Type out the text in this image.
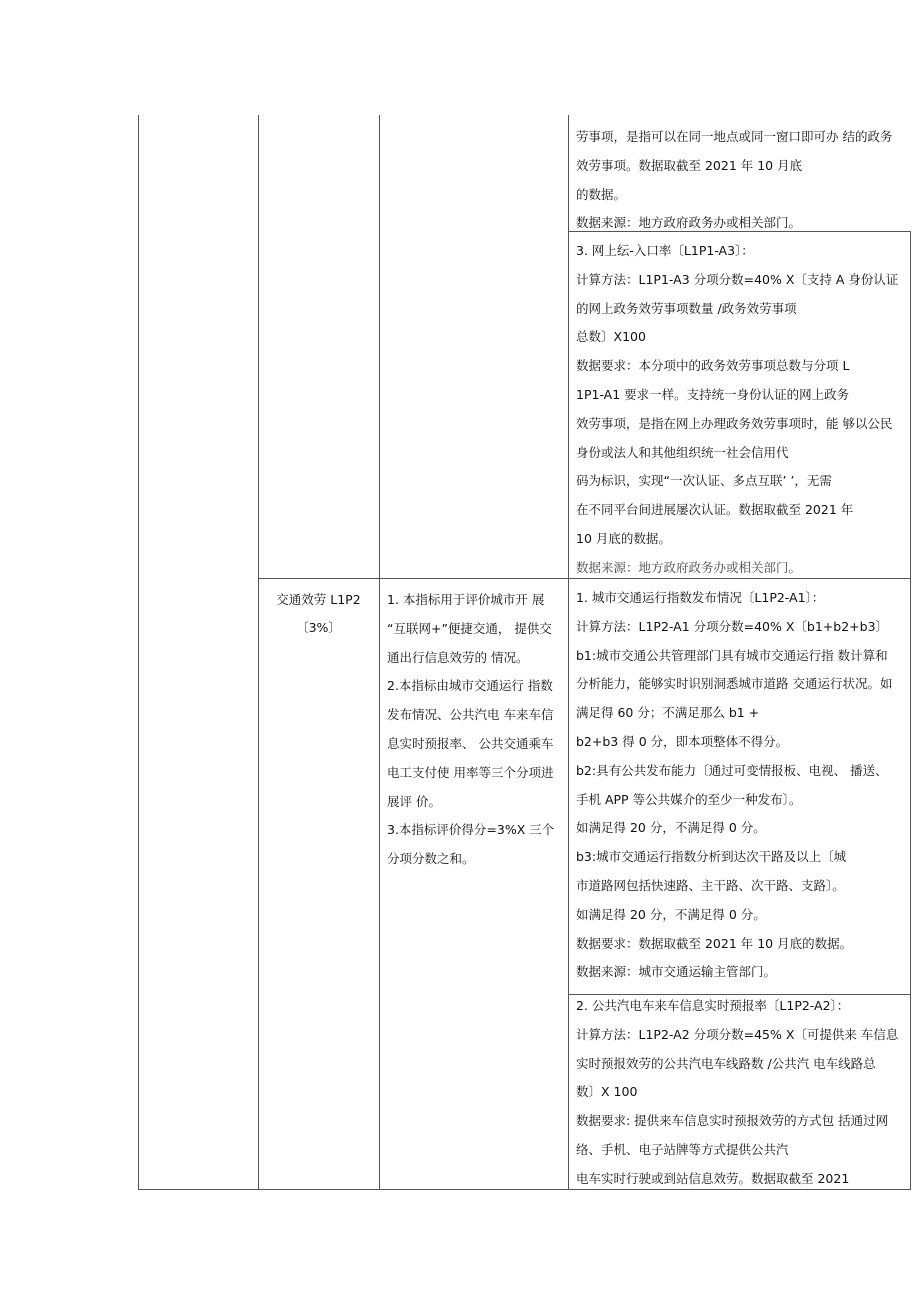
劳事项，是指可以在同一地点或同一窗口即可办 结的政务

效劳事项。数据取截至 2021 年 10 月底

的数据。

数据来源：地方政府政务办或相关部门。

3. 网上纭-入口率〔L1P1-A3〕：

计算方法：L1P1-A3 分项分数=40% X〔支持 A 身份认证

的网上政务效劳事项数量 /政务效劳事项

总数〕X100

数据要求：本分项中的政务效劳事项总数与分项 L

1P1-A1 要求一样。支持统一身份认证的网上政务

效劳事项，是指在网上办理政务效劳事项时，能 够以公民

身份或法人和其他组织统一社会信用代

码为标识，实现“一次认证、多点互联’ ’，无需

在不同平台间进展屡次认证。数据取截至 2021 年

10 月底的数据。

数据来源：地方政府政务办或相关部门。

交通效劳 L1P2

〔3%〕

1. 本指标用于评价城市开 展

“互联网+”便捷交通， 提供交

通出行信息效劳的 情况。

2.本指标由城市交通运行 指数

发布情况、公共汽电 车来车信

息实时预报率、 公共交通乘车

电工支付使 用率等三个分项进

展评 价。

3.本指标评价得分=3%X 三个

分项分数之和。

1. 城市交通运行指数发布情况〔L1P2-A1〕：

计算方法：L1P2-A1 分项分数=40% X〔b1+b2+b3〕

b1:城市交通公共管理部门具有城市交通运行指 数计算和

分析能力，能够实时识别洞悉城市道路 交通运行状况。如

满足得 60 分；不满足那么 b1 +

b2+b3 得 0 分，即本项整体不得分。

b2:具有公共发布能力〔通过可变情报板、电视、 播送、

手机 APP 等公共媒介的至少一种发布〕。

如满足得 20 分，不满足得 0 分。

b3:城市交通运行指数分析到达次干路及以上〔城

市道路网包括快速路、主干路、次干路、支路〕。

如满足得 20 分，不满足得 0 分。

数据要求：数据取截至 2021 年 10 月底的数据。

数据来源：城市交通运输主管部门。

2. 公共汽电车来车信息实时预报率〔L1P2-A2〕：

计算方法：L1P2-A2 分项分数=45% X〔可提供来 车信息

实时预报效劳的公共汽电车线路数 /公共汽 电车线路总

数〕X 100

数据要求: 提供来车信息实时预报效劳的方式包 括通过网

络、手机、电子站牌等方式提供公共汽

电车实时行驶或到站信息效劳。数据取截至 2021
